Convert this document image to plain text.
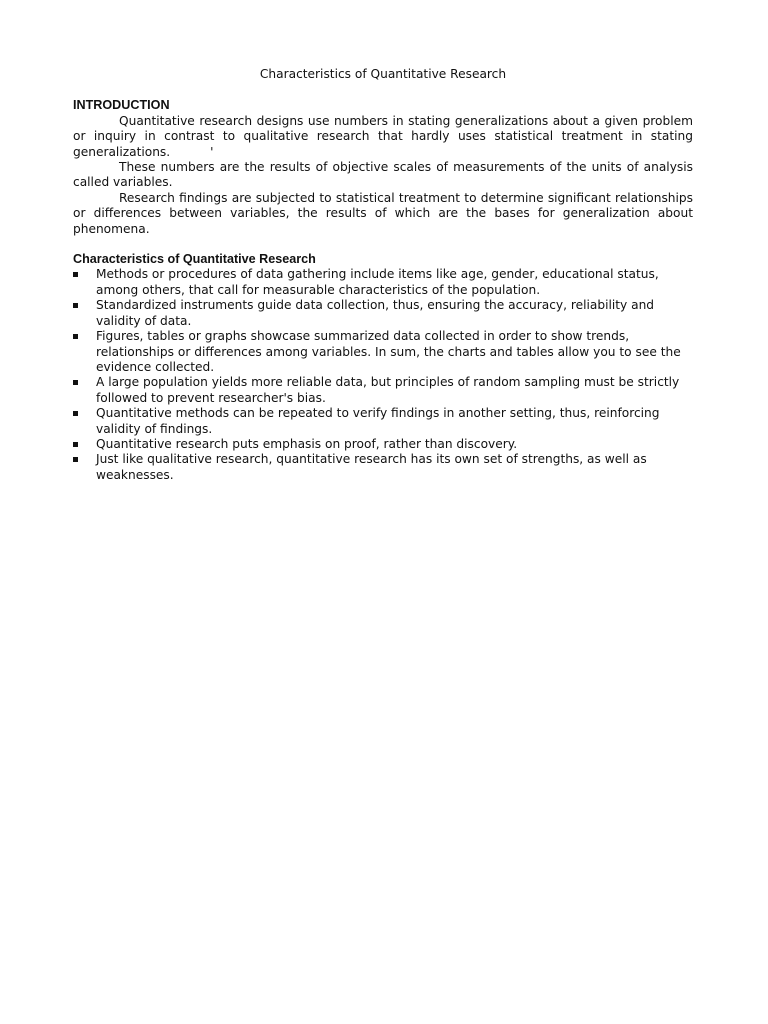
Characteristics of Quantitative Research
INTRODUCTION

Quantitative research designs use numbers in stating generalizations about a given problem or inquiry in contrast to qualitative research that hardly uses statistical treatment in stating generalizations.	'

These numbers are the results of objective scales of measurements of the units of analysis called variables.

Research findings are subjected to statistical treatment to determine significant relationships or differences between variables, the results of which are the bases for generalization about phenomena.

Characteristics of Quantitative Research
Methods or procedures of data gathering include items like age, gender, educational status, among others, that call for measurable characteristics of the population.
Standardized instruments guide data collection, thus, ensuring the accuracy, reliability and validity of data.
Figures, tables or graphs showcase summarized data collected in order to show trends, relationships or differences among variables. In sum, the charts and tables allow you to see the evidence collected.
A large population yields more reliable data, but principles of random sampling must be strictly followed to prevent researcher's bias.
Quantitative methods can be repeated to verify findings in another setting, thus, reinforcing validity of findings.
Quantitative research puts emphasis on proof, rather than discovery.
Just like qualitative research, quantitative research has its own set of strengths, as well as weaknesses.
